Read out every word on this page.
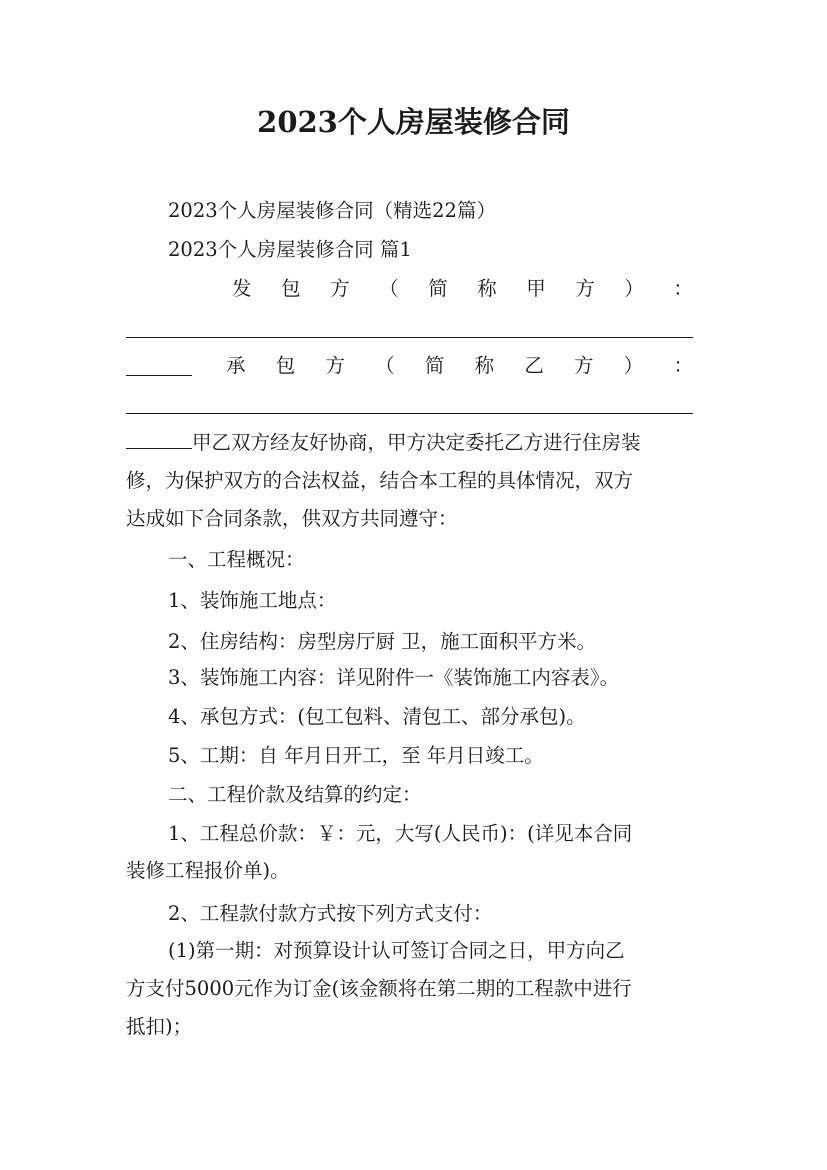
2023个人房屋装修合同
2023个人房屋装修合同（精选22篇）
2023个人房屋装修合同 篇1
发 包 方 （ 简 称 甲 方 ） ：
承 包 方 （ 简 称 乙 方 ） ：
甲乙双方经友好协商，甲方决定委托乙方进行住房装
修，为保护双方的合法权益，结合本工程的具体情况，双方
达成如下合同条款，供双方共同遵守：
一、工程概况：
1、装饰施工地点：
2、住房结构：房型房厅厨 卫，施工面积平方米。
3、装饰施工内容：详见附件一《装饰施工内容表》。
4、承包方式：(包工包料、清包工、部分承包)。
5、工期：自 年月日开工，至 年月日竣工。
二、工程价款及结算的约定：
1、工程总价款：￥：元，大写(人民币)：(详见本合同
装修工程报价单)。
2、工程款付款方式按下列方式支付：
(1)第一期：对预算设计认可签订合同之日，甲方向乙
方支付5000元作为订金(该金额将在第二期的工程款中进行
抵扣)；
